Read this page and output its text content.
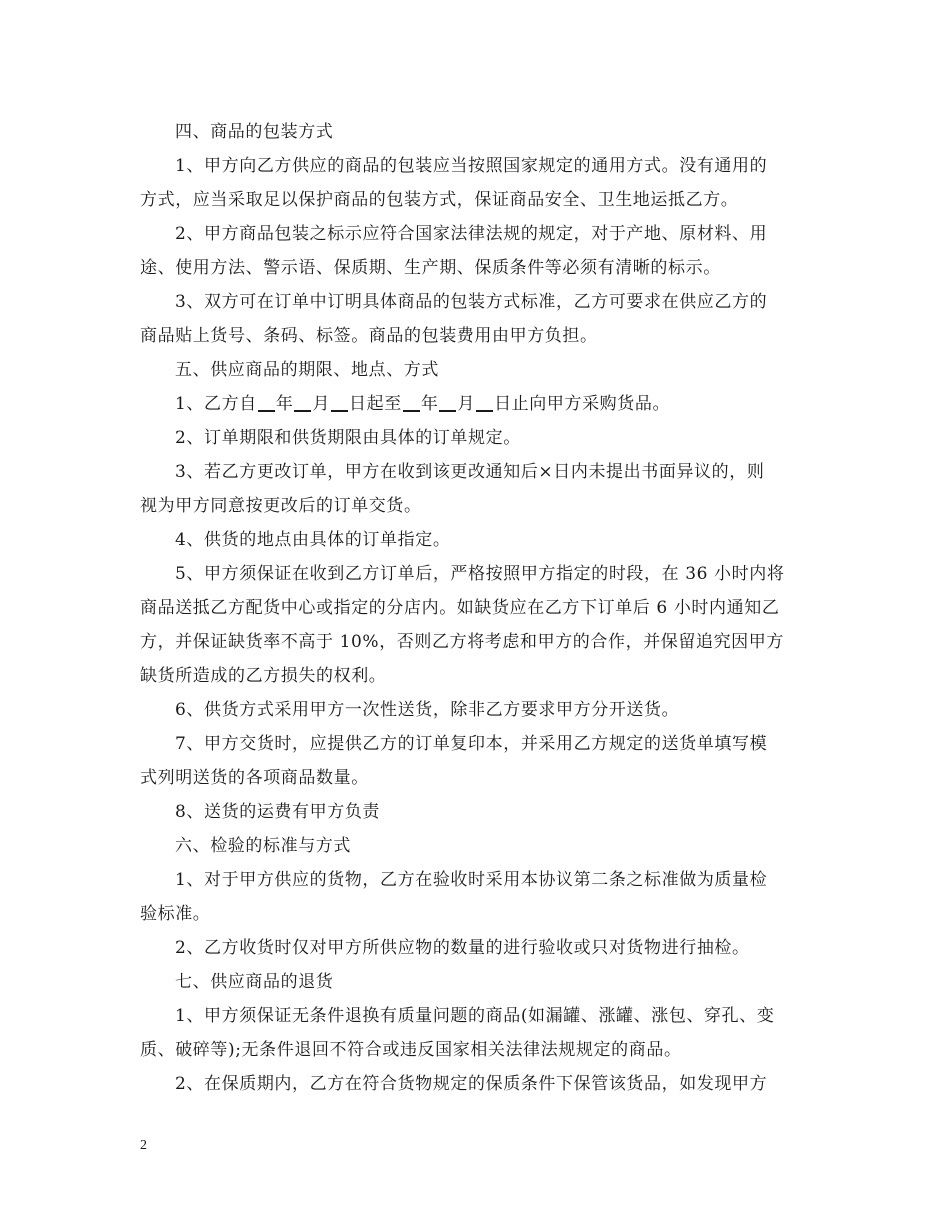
四、商品的包装方式
1、甲方向乙方供应的商品的包装应当按照国家规定的通用方式。没有通用的
方式，应当采取足以保护商品的包装方式，保证商品安全、卫生地运抵乙方。
2、甲方商品包装之标示应符合国家法律法规的规定，对于产地、原材料、用
途、使用方法、警示语、保质期、生产期、保质条件等必须有清晰的标示。
3、双方可在订单中订明具体商品的包装方式标准，乙方可要求在供应乙方的
商品贴上货号、条码、标签。商品的包装费用由甲方负担。
五、供应商品的期限、地点、方式
1、乙方自 年 月 日起至 年 月 日止向甲方采购货品。
2、订单期限和供货期限由具体的订单规定。
3、若乙方更改订单，甲方在收到该更改通知后×日内未提出书面异议的，则
视为甲方同意按更改后的订单交货。
4、供货的地点由具体的订单指定。
5、甲方须保证在收到乙方订单后，严格按照甲方指定的时段，在 36 小时内将
商品送抵乙方配货中心或指定的分店内。如缺货应在乙方下订单后 6 小时内通知乙
方，并保证缺货率不高于 10%，否则乙方将考虑和甲方的合作，并保留追究因甲方
缺货所造成的乙方损失的权利。
6、供货方式采用甲方一次性送货，除非乙方要求甲方分开送货。
7、甲方交货时，应提供乙方的订单复印本，并采用乙方规定的送货单填写模
式列明送货的各项商品数量。
8、送货的运费有甲方负责
六、检验的标准与方式
1、对于甲方供应的货物，乙方在验收时采用本协议第二条之标准做为质量检
验标准。
2、乙方收货时仅对甲方所供应物的数量的进行验收或只对货物进行抽检。
七、供应商品的退货
1、甲方须保证无条件退换有质量问题的商品(如漏罐、涨罐、涨包、穿孔、变
质、破碎等);无条件退回不符合或违反国家相关法律法规规定的商品。
2、在保质期内，乙方在符合货物规定的保质条件下保管该货品，如发现甲方
2
